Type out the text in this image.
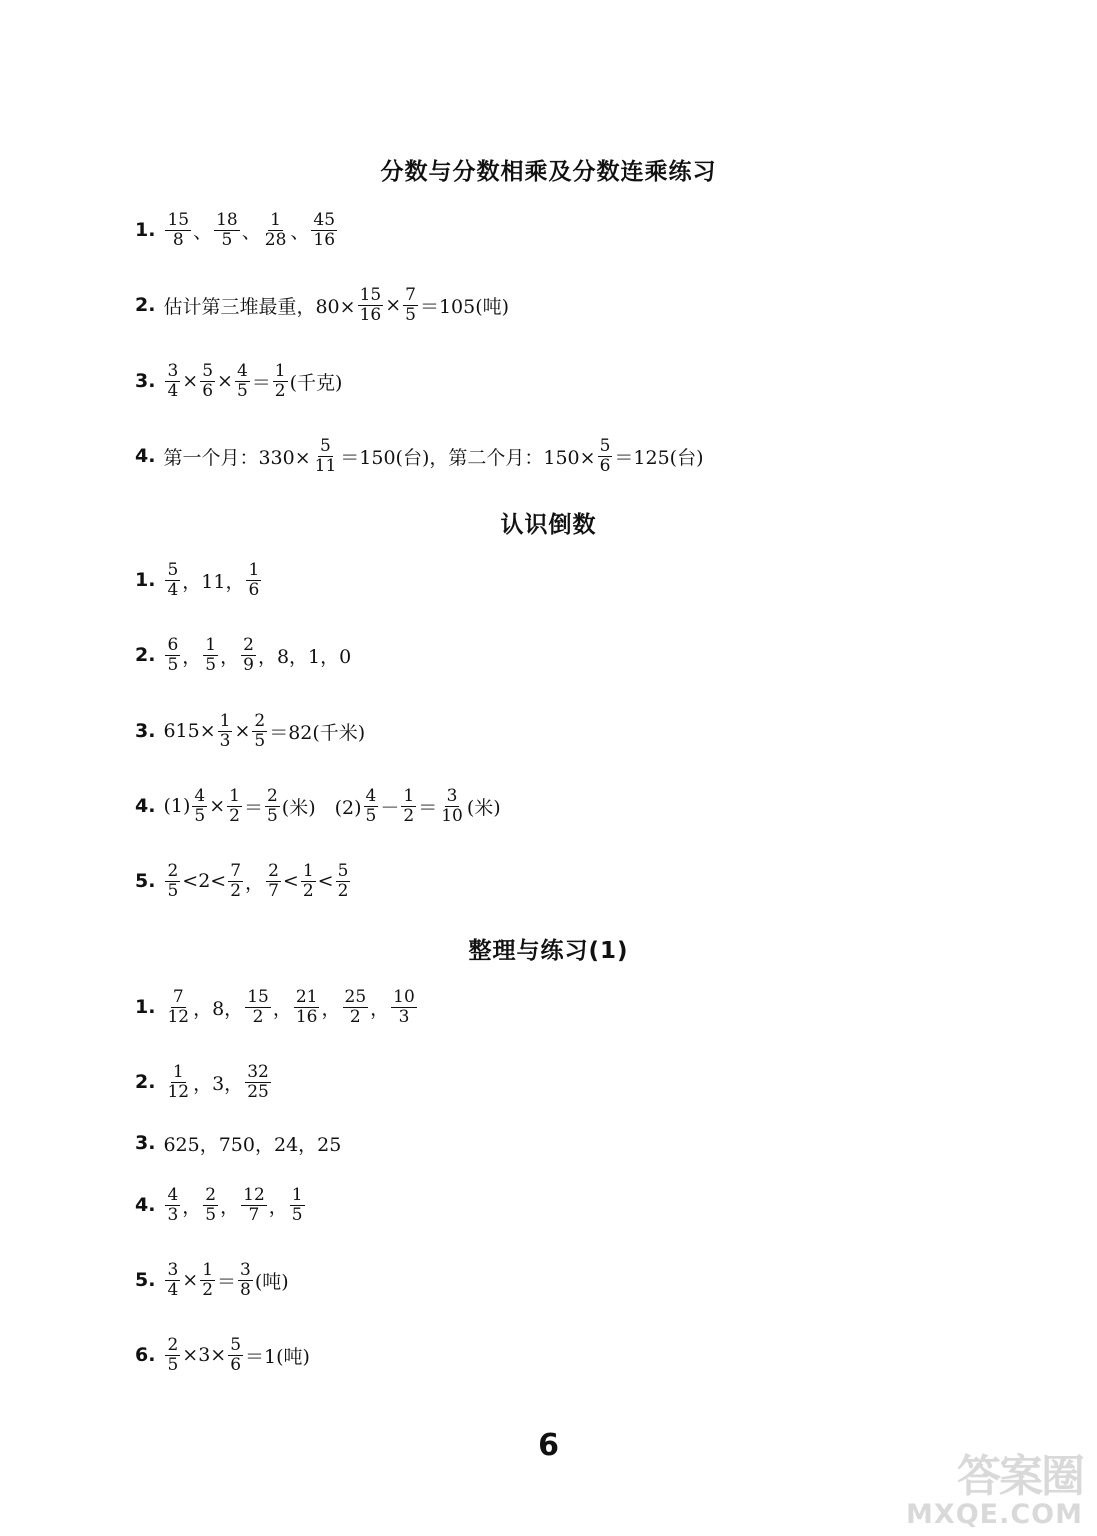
分数与分数相乘及分数连乘练习
1. $\frac{15}{8}$ 、 $\frac{18}{5}$ 、 $\frac{1}{28}$ 、 $\frac{45}{16}$
2. 估计第三堆最重，$80\times \frac{15}{16} \times \frac{7}{5} =105$(吨)
3. $\frac{3}{4} \times \frac{5}{6} \times \frac{4}{5} = \frac{1}{2}$ (千克)
4. 第一个月：$330\times \frac{5}{11} =150$(台)，第二个月：$150\times \frac{5}{6} =125$(台)
认识倒数
1. $\frac{5}{4}$ ，11， $\frac{1}{6}$
2. $\frac{6}{5}$ ， $\frac{1}{5}$ ， $\frac{2}{9}$ ，8，1，0
3. $615\times \frac{1}{3} \times \frac{2}{5} =82$(千米)
4. $(1) \frac{4}{5} \times \frac{1}{2} = \frac{2}{5}$ (米)　$(2) \frac{4}{5} - \frac{1}{2} = \frac{3}{10}$ (米)
5. $\frac{2}{5} <2< \frac{7}{2}$ ， $\frac{2}{7} < \frac{1}{2} < \frac{5}{2}$
整理与练习(1)
1. $\frac{7}{12}$ ，8， $\frac{15}{2}$ ， $\frac{21}{16}$ ， $\frac{25}{2}$ ， $\frac{10}{3}$
2. $\frac{1}{12}$ ，3， $\frac{32}{25}$
3. 625，750，24，25
4. $\frac{4}{3}$ ， $\frac{2}{5}$ ， $\frac{12}{7}$ ， $\frac{1}{5}$
5. $\frac{3}{4} \times \frac{1}{2} = \frac{3}{8}$ (吨)
6. $\frac{2}{5} \times 3\times \frac{5}{6} =1$(吨)
6
答案圈
MXQE.COM
